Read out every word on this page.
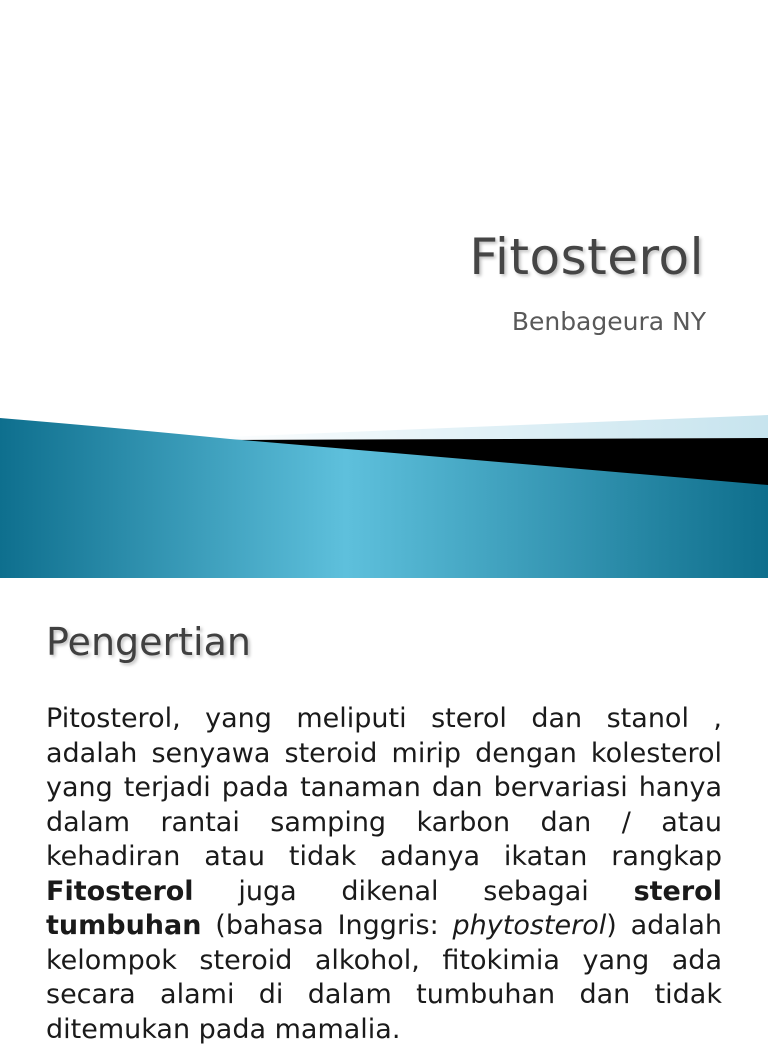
Fitosterol
Benbageura NY
Pengertian
Pitosterol, yang meliputi sterol dan stanol , adalah senyawa steroid mirip dengan kolesterol yang terjadi pada tanaman dan bervariasi hanya dalam rantai samping karbon dan / atau kehadiran atau tidak adanya ikatan rangkap Fitosterol juga dikenal sebagai sterol tumbuhan (bahasa Inggris: phytosterol) adalah kelompok steroid alkohol, fitokimia yang ada secara alami di dalam tumbuhan dan tidak ditemukan pada mamalia.
